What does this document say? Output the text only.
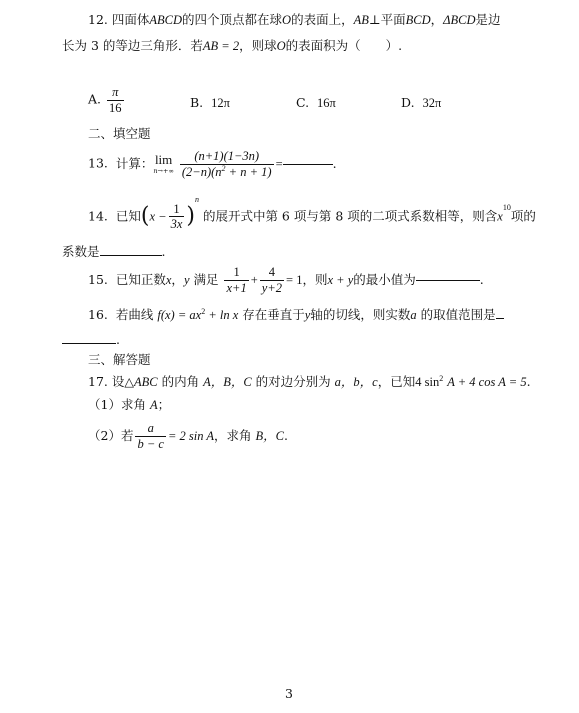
12. 四面体ABCD的四个顶点都在球O的表面上，AB⊥平面BCD，ΔBCD是边
长为 3 的等边三角形．若AB = 2，则球O的表面积为（　　）.
A. $\frac{\pi}{16}$	B. 12π	C. 16π	D. 32π
二、填空题
13. 计算： lim
n→+∞
$\frac{(n+1)(1-3n)}{(2-n)(n^2 + n + 1)}$ =	.
14. 已知$(x - \frac{1}{3x} )^n$ 的展开式中第 6 项与第 8 项的二项式系数相等，则含$x^{10}$项的
系数是	.
15. 已知正数x，y 满足 $\frac{1}{x+1} + \frac{4}{y+2} = 1$，则x + y的最小值为	.
16. 若曲线 $f(x) = ax^2 + \ln x$ 存在垂直于y轴的切线，则实数a 的取值范围是
.
三、解答题
17. 设△ABC 的内角 A，B，C 的对边分别为 a，b，c，已知4 $\sin^2 A + 4$ cos A = 5.
（1）求角 A；
（2）若 $\frac{a}{b - c} = 2$ sin A，求角 B，C.
3
